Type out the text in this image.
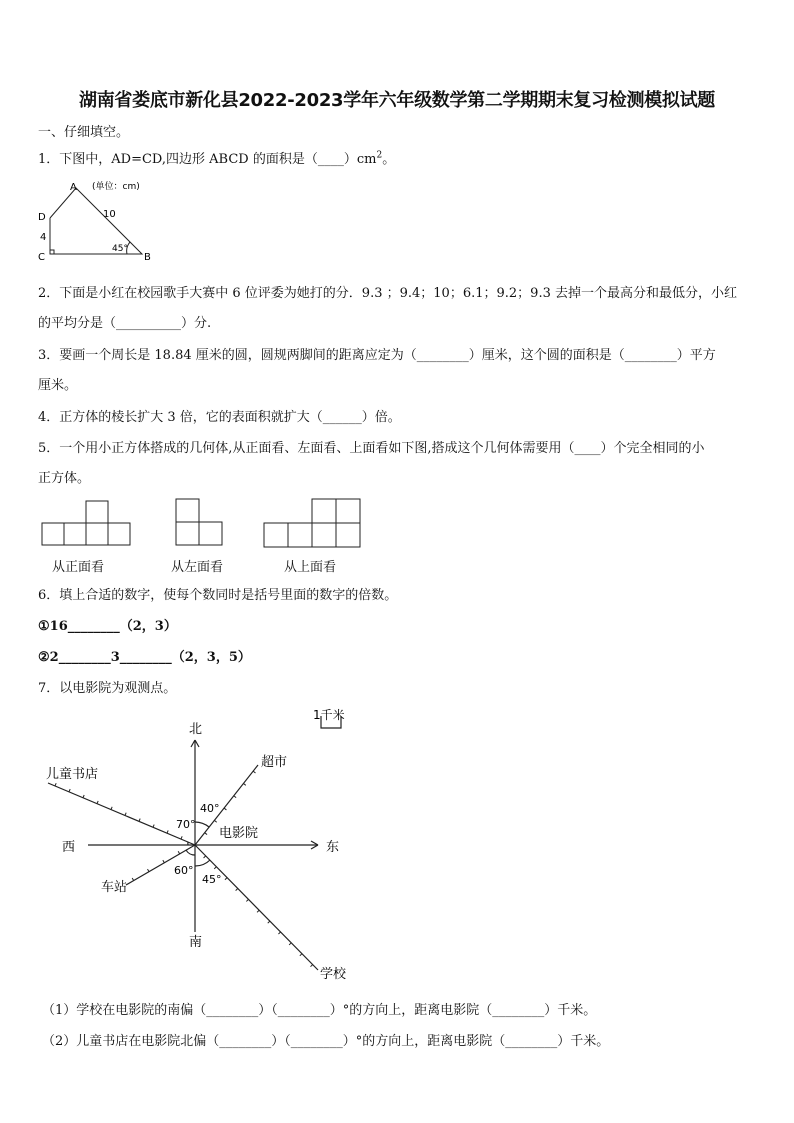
湖南省娄底市新化县2022-2023学年六年级数学第二学期期末复习检测模拟试题
一、仔细填空。
1．下图中，AD=CD,四边形 ABCD 的面积是$(\_\_\_\_)cm^2$。
A
D
C	B
(单位：cm)
10
4
45°
2．下面是小红在校园歌手大赛中 6 位评委为她打的分．9.3 ；9.4；10；6.1；9.2；9.3 去掉一个最高分和最低分，小红
的平均分是（__________）分.
3．要画一个周长是 18.84 厘米的圆，圆规两脚间的距离应定为（________）厘米，这个圆的面积是（________）平方
厘米。
4．正方体的棱长扩大 3 倍，它的表面积就扩大（______）倍。
5．一个用小正方体搭成的几何体,从正面看、左面看、上面看如下图,搭成这个几何体需要用（____）个完全相同的小
正方体。
从正面看	从左面看	从上面看
6．填上合适的数字，使每个数同时是括号里面的数字的倍数。
①16________（2，3）
②2________3________（2，3，5）
7．以电影院为观测点。
北
南
西	东
电影院
1千米
超市
儿童书店
车站
学校
40°
70°
60°
45°
（1）学校在电影院的南偏（________）（________）°的方向上，距离电影院（________）千米。
（2）儿童书店在电影院北偏（________）（________）°的方向上，距离电影院（________）千米。
